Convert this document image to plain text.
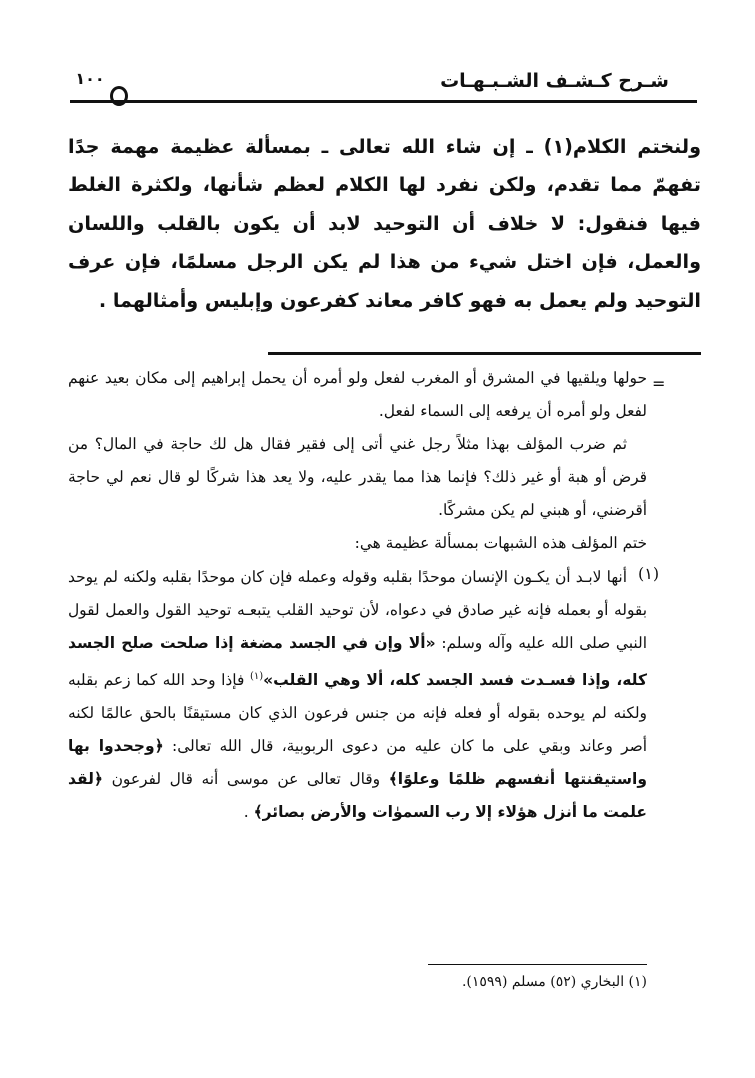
١٠٠	شـرح كـشـف الشـبـهـات
ولنختم الكلام(١) ـ إن شاء الله تعالى ـ بمسألة عظيمة مهمة جدًا تفهمّ مما تقدم، ولكن نفرد لها الكلام لعظم شأنها، ولكثرة الغلط فيها فنقول: لا خلاف أن التوحيد لابد أن يكون بالقلب واللسان والعمل، فإن اختل شيء من هذا لم يكن الرجل مسلمًا، فإن عرف التوحيد ولم يعمل به فهو كافر معاند كفرعون وإبليس وأمثالهما .
=

حولها ويلقيها في المشرق أو المغرب لفعل ولو أمره أن يحمل إبراهيم إلى مكان بعيد عنهم لفعل ولو أمره أن يرفعه إلى السماء لفعل.

ثم ضرب المؤلف بهذا مثلاً رجل غني أتى إلى فقير فقال هل لك حاجة في المال؟ من قرض أو هبة أو غير ذلك؟ فإنما هذا مما يقدر عليه، ولا يعد هذا شركًا لو قال نعم لي حاجة أقرضني، أو هبني لم يكن مشركًا.

ختم المؤلف هذه الشبهات بمسألة عظيمة هي:

أنها لابـد أن يكـون الإنسان موحدًا بقلبه وقوله وعمله فإن كان موحدًا بقلبه ولكنه لم يوحد بقوله أو بعمله فإنه غير صادق في دعواه، لأن توحيد القلب يتبعـه توحيد القول والعمل لقول النبي صلى الله عليه وآله وسلم: «ألا وإن في الجسد مضغة إذا صلحت صلح الجسد كله، وإذا فسـدت فسد الجسد كله، ألا وهي القلب»$^{(١)}$ فإذا وحد الله كما زعم بقلبه ولكنه لم يوحده بقوله أو فعله فإنه من جنس فرعون الذي كان مستيقنًا بالحق عالمًا لكنه أصر وعاند وبقي على ما كان عليه من دعوى الربوبية، قال الله تعالى: ﴿وجحدوا بها واستيقنتها أنفسهم ظلمًا وعلوًا﴾ وقال تعالى عن موسى أنه قال لفرعون ﴿لقد علمت ما أنزل هؤلاء إلا رب السموٰات والأرض بصائر﴾ .

(١)
(١) البخاري (٥٢) مسلم (١٥٩٩).
